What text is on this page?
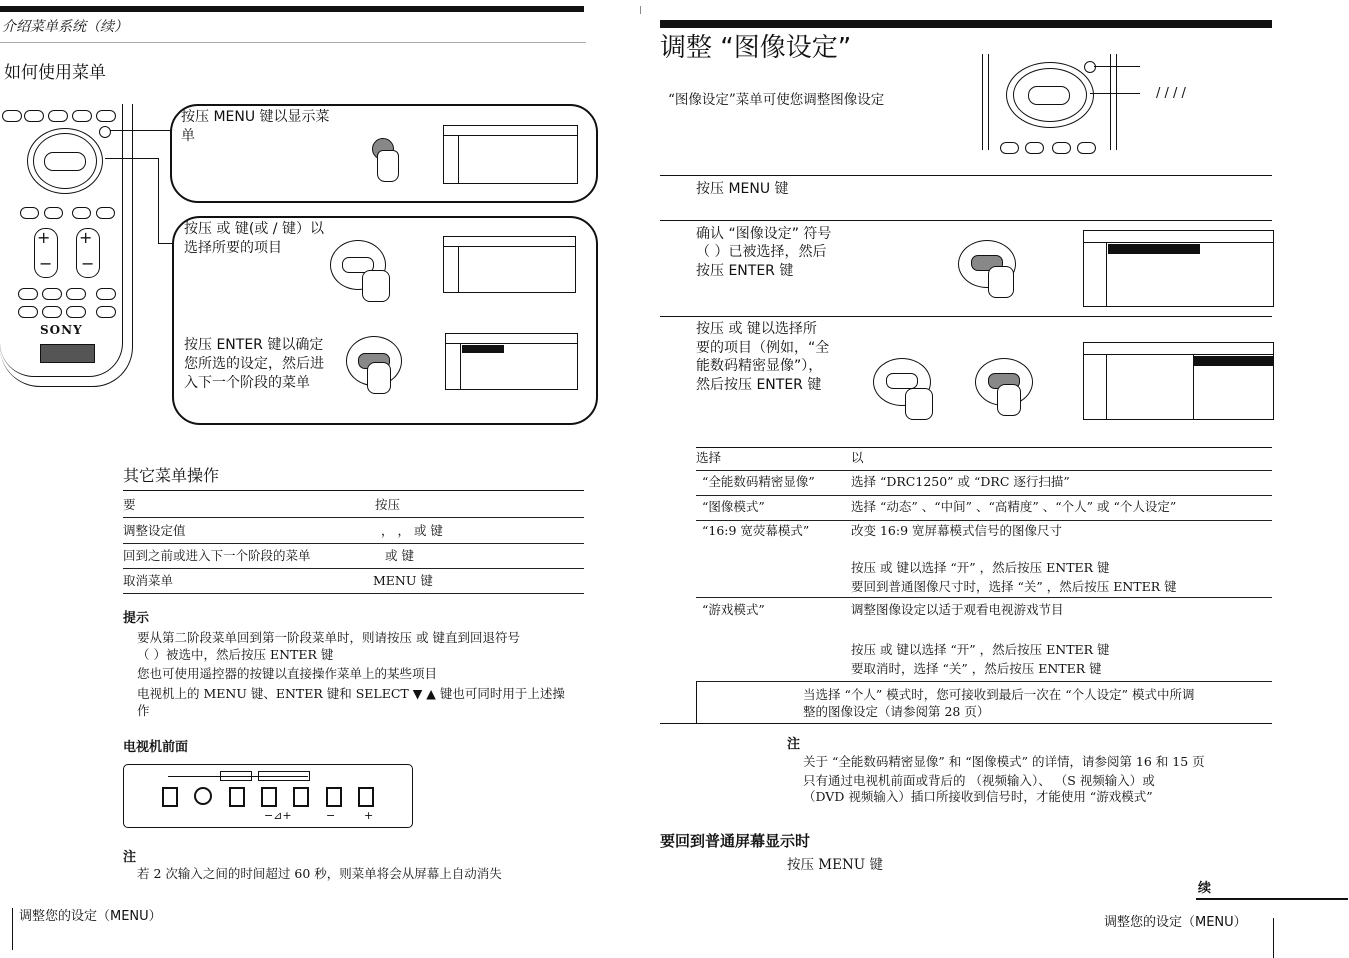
介绍菜单系统（续）
如何使用菜单
+
−
+
−
SONY
按压 MENU 键以显示菜单
按压 或 键(或 / 键）以选择所要的项目
按压 ENTER 键以确定您所选的设定，然后进入下一个阶段的菜单
其它菜单操作
要	按压
调整设定值	， ， 或 键
回到之前或进入下一个阶段的菜单	或 键
取消菜单	MENU 键
提示
要从第二阶段菜单回到第一阶段菜单时，则请按压 或 键直到回退符号
（ ）被选中，然后按压 ENTER 键
您也可使用遥控器的按键以直接操作菜单上的某些项目
电视机上的 MENU 键、ENTER 键和 SELECT ▼ ▲ 键也可同时用于上述操
作
电视机前面
−⊿+	−	+
注
若 2 次输入之间的时间超过 60 秒，则菜单将会从屏幕上自动消失
调整您的设定（MENU）
调整 “图像设定”
“图像设定”菜单可使您调整图像设定	/ / / /
按压 MENU 键
确认 “图像设定” 符号
（ ）已被选择，然后
按压 ENTER 键
按压 或 键以选择所
要的项目（例如，“全
能数码精密显像”），
然后按压 ENTER 键
选择	以
“全能数码精密显像”	选择 “DRC1250” 或 “DRC 逐行扫描”
“图像模式”	选择 “动态” 、“中间” 、“高精度” 、“个人” 或 “个人设定”
“16:9 宽荧幕模式”	改变 16:9 宽屏幕模式信号的图像尺寸
按压 或 键以选择 “开” ，然后按压 ENTER 键
要回到普通图像尺寸时，选择 “关” ，然后按压 ENTER 键
“游戏模式”	调整图像设定以适于观看电视游戏节目
按压 或 键以选择 “开” ，然后按压 ENTER 键
要取消时，选择 “关” ，然后按压 ENTER 键
当选择 “个人” 模式时，您可接收到最后一次在 “个人设定” 模式中所调
整的图像设定（请参阅第 28 页）
注
关于 “全能数码精密显像” 和 “图像模式” 的详情，请参阅第 16 和 15 页
只有通过电视机前面或背后的 （视频输入）、 （S 视频输入）或
（DVD 视频输入）插口所接收到信号时，才能使用 “游戏模式”
要回到普通屏幕显示时
按压 MENU 键
续
调整您的设定（MENU）
